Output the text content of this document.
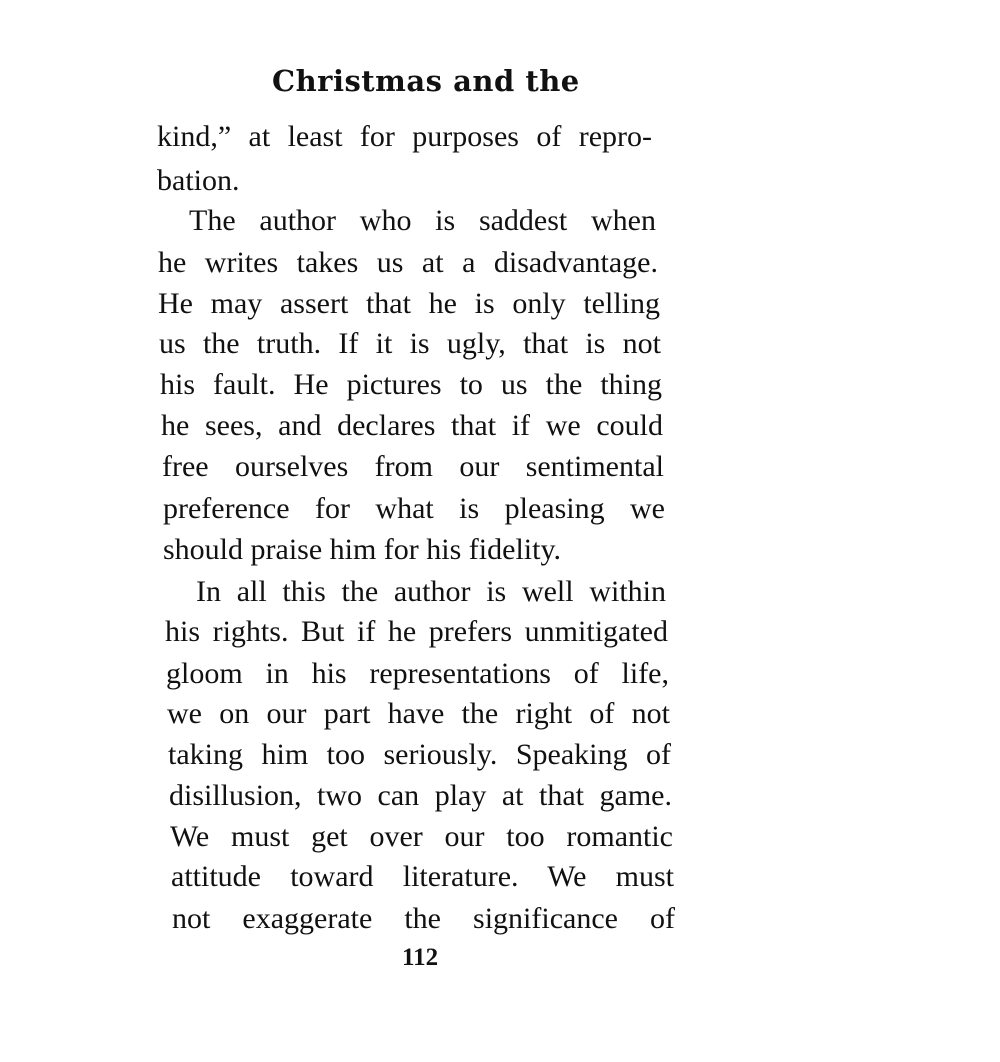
Christmas and the
kind,” at least for purposes of repro-
bation.
The author who is saddest when
he writes takes us at a disadvantage.
He may assert that he is only telling
us the truth. If it is ugly, that is not
his fault. He pictures to us the thing
he sees, and declares that if we could
free ourselves from our sentimental
preference for what is pleasing we
should praise him for his fidelity.
In all this the author is well within
his rights. But if he prefers unmitigated
gloom in his representations of life,
we on our part have the right of not
taking him too seriously. Speaking of
disillusion, two can play at that game.
We must get over our too romantic
attitude toward literature. We must
not exaggerate the significance of
112
